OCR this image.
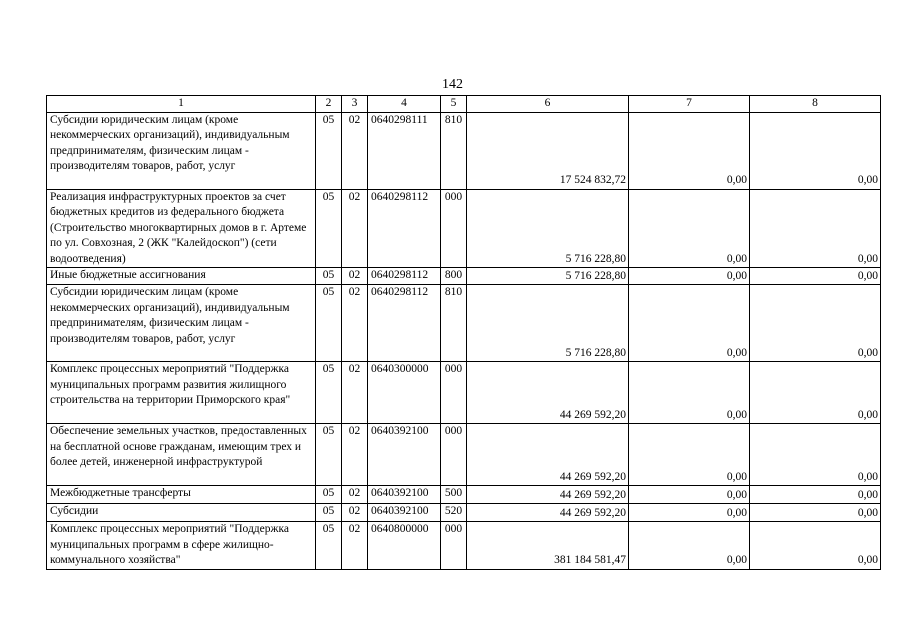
142
1	2	3	4	5	6	7	8
Субсидии юридическим лицам (кроме некоммерческих организаций), индивидуальным предпринимателям, физическим лицам - производителям товаров, работ, услуг	05	02	0640298111	810	17 524 832,72	0,00	0,00
Реализация инфраструктурных проектов за счет бюджетных кредитов из федерального бюджета (Строительство многоквартирных домов в г. Артеме по ул. Совхозная, 2 (ЖК "Калейдоскоп") (сети водоотведения)	05	02	0640298112	000	5 716 228,80	0,00	0,00
Иные бюджетные ассигнования	05	02	0640298112	800	5 716 228,80	0,00	0,00
Субсидии юридическим лицам (кроме некоммерческих организаций), индивидуальным предпринимателям, физическим лицам - производителям товаров, работ, услуг	05	02	0640298112	810	5 716 228,80	0,00	0,00
Комплекс процессных мероприятий "Поддержка муниципальных программ развития жилищного строительства на территории Приморского края"	05	02	0640300000	000	44 269 592,20	0,00	0,00
Обеспечение земельных участков, предоставленных на бесплатной основе гражданам, имеющим трех и более детей, инженерной инфраструктурой	05	02	0640392100	000	44 269 592,20	0,00	0,00
Межбюджетные трансферты	05	02	0640392100	500	44 269 592,20	0,00	0,00
Субсидии	05	02	0640392100	520	44 269 592,20	0,00	0,00
Комплекс процессных мероприятий "Поддержка муниципальных программ в сфере жилищно-коммунального хозяйства"	05	02	0640800000	000	381 184 581,47	0,00	0,00
